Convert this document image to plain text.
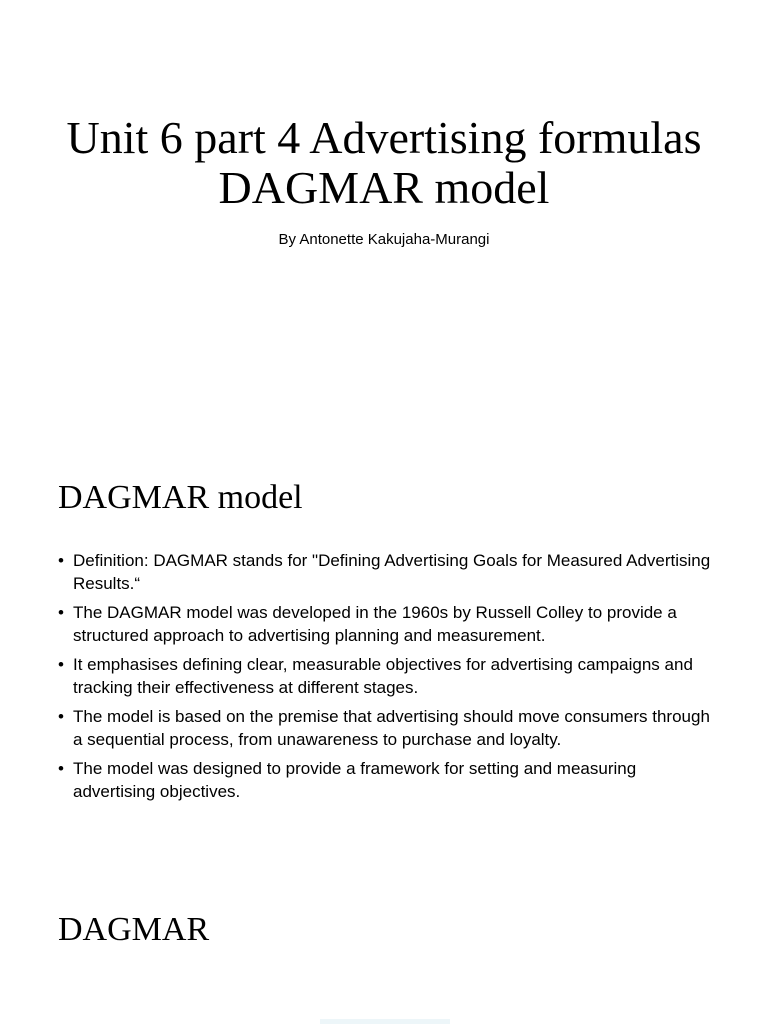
Unit 6 part 4 Advertising formulas DAGMAR model

By Antonette Kakujaha-Murangi

DAGMAR model
• Definition: DAGMAR stands for "Defining Advertising Goals for Measured Advertising Results.“
• The DAGMAR model was developed in the 1960s by Russell Colley to provide a structured approach to advertising planning and measurement.
• It emphasises defining clear, measurable objectives for advertising campaigns and tracking their effectiveness at different stages.
• The model is based on the premise that advertising should move consumers through a sequential process, from unawareness to purchase and loyalty.
• The model was designed to provide a framework for setting and measuring advertising objectives.
DAGMAR
